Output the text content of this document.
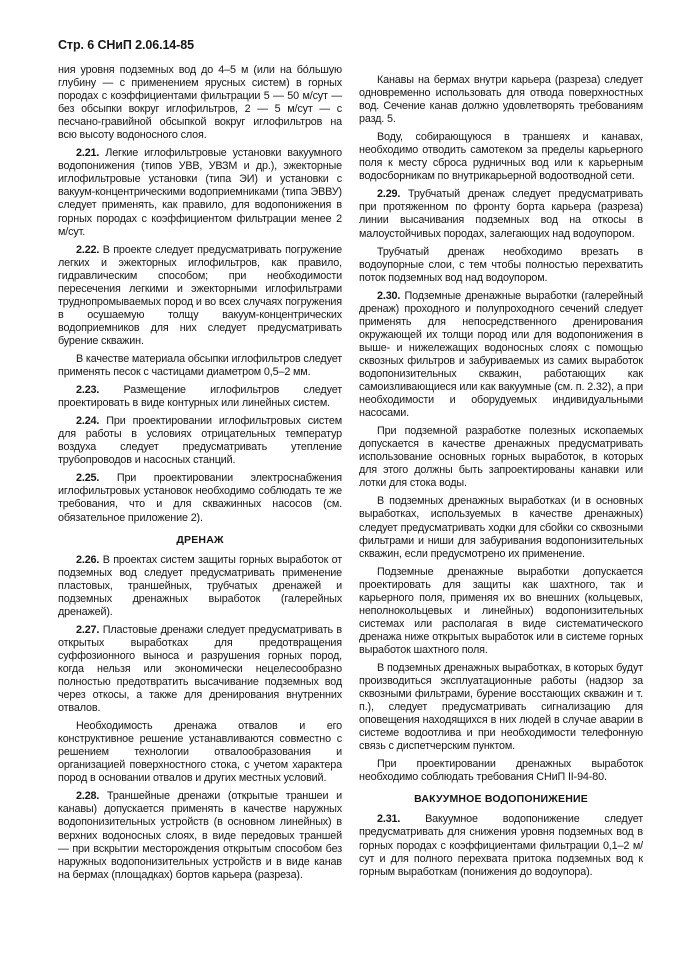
Стр. 6 СНиП 2.06.14-85

ния уровня подземных вод до 4–5 м (или на бо́льшую глубину — с применением ярусных систем) в горных породах с коэффициентами фильтрации 5 — 50 м/сут — без обсыпки вокруг иглофильтров, 2 — 5 м/сут — с песчано-гравийной обсыпкой вокруг иглофильтров на всю высоту водоносного слоя.

2.21. Легкие иглофильтровые установки вакуумного водопонижения (типов УВВ, УВЗМ и др.), эжекторные иглофильтровые установки (типа ЭИ) и установки с вакуум-концентрическими водоприемниками (типа ЭВВУ) следует применять, как правило, для водопонижения в горных породах с коэффициентом фильтрации менее 2 м/сут.

2.22. В проекте следует предусматривать погружение легких и эжекторных иглофильтров, как правило, гидравлическим способом; при необходимости пересечения легкими и эжекторными иглофильтрами труднопромываемых пород и во всех случаях погружения в осушаемую толщу вакуум-концентрических водоприемников для них следует предусматривать бурение скважин.

В качестве материала обсыпки иглофильтров следует применять песок с частицами диаметром 0,5–2 мм.

2.23. Размещение иглофильтров следует проектировать в виде контурных или линейных систем.

2.24. При проектировании иглофильтровых систем для работы в условиях отрицательных температур воздуха следует предусматривать утепление трубопроводов и насосных станций.

2.25. При проектировании электроснабжения иглофильтровых установок необходимо соблюдать те же требования, что и для скважинных насосов (см. обязательное приложение 2).

ДРЕНАЖ

2.26. В проектах систем защиты горных выработок от подземных вод следует предусматривать применение пластовых, траншейных, трубчатых дренажей и подземных дренажных выработок (галерейных дренажей).

2.27. Пластовые дренажи следует предусматривать в открытых выработках для предотвращения суффозионного выноса и разрушения горных пород, когда нельзя или экономически нецелесообразно полностью предотвратить высачивание подземных вод через откосы, а также для дренирования внутренних отвалов.

Необходимость дренажа отвалов и его конструктивное решение устанавливаются совместно с решением технологии отвалообразования и организацией поверхностного стока, с учетом характера пород в основании отвалов и других местных условий.

2.28. Траншейные дренажи (открытые траншеи и канавы) допускается применять в качестве наружных водопонизительных устройств (в основном линейных) в верхних водоносных слоях, в виде передовых траншей — при вскрытии месторождения открытым способом без наружных водопонизительных устройств и в виде канав на бермах (площадках) бортов карьера (разреза).

Канавы на бермах внутри карьера (разреза) следует одновременно использовать для отвода поверхностных вод. Сечение канав должно удовлетворять требованиям разд. 5.

Воду, собирающуюся в траншеях и канавах, необходимо отводить самотеком за пределы карьерного поля к месту сброса рудничных вод или к карьерным водосборникам по внутрикарьерной водоотводной сети.

2.29. Трубчатый дренаж следует предусматривать при протяженном по фронту борта карьера (разреза) линии высачивания подземных вод на откосы в малоустойчивых породах, залегающих над водоупором.

Трубчатый дренаж необходимо врезать в водоупорные слои, с тем чтобы полностью перехватить поток подземных вод над водоупором.

2.30. Подземные дренажные выработки (галерейный дренаж) проходного и полупроходного сечений следует применять для непосредственного дренирования окружающей их толщи пород или для водопонижения в выше- и нижележащих водоносных слоях с помощью сквозных фильтров и забуриваемых из самих выработок водопонизительных скважин, работающих как самоизливающиеся или как вакуумные (см. п. 2.32), а при необходимости и оборудуемых индивидуальными насосами.

При подземной разработке полезных ископаемых допускается в качестве дренажных предусматривать использование основных горных выработок, в которых для этого должны быть запроектированы канавки или лотки для стока воды.

В подземных дренажных выработках (и в основных выработках, используемых в качестве дренажных) следует предусматривать ходки для сбойки со сквозными фильтрами и ниши для забуривания водопонизительных скважин, если предусмотрено их применение.

Подземные дренажные выработки допускается проектировать для защиты как шахтного, так и карьерного поля, применяя их во внешних (кольцевых, неполнокольцевых и линейных) водопонизительных системах или располагая в виде систематического дренажа ниже открытых выработок или в системе горных выработок шахтного поля.

В подземных дренажных выработках, в которых будут производиться эксплуатационные работы (надзор за сквозными фильтрами, бурение восстающих скважин и т. п.), следует предусматривать сигнализацию для оповещения находящихся в них людей в случае аварии в системе водоотлива и при необходимости телефонную связь с диспетчерским пунктом.

При проектировании дренажных выработок необходимо соблюдать требования СНиП II-94-80.

ВАКУУМНОЕ ВОДОПОНИЖЕНИЕ

2.31. Вакуумное водопонижение следует предусматривать для снижения уровня подземных вод в горных породах с коэффициентами фильтрации 0,1–2 м/сут и для полного перехвата притока подземных вод к горным выработкам (понижения до водоупора).
